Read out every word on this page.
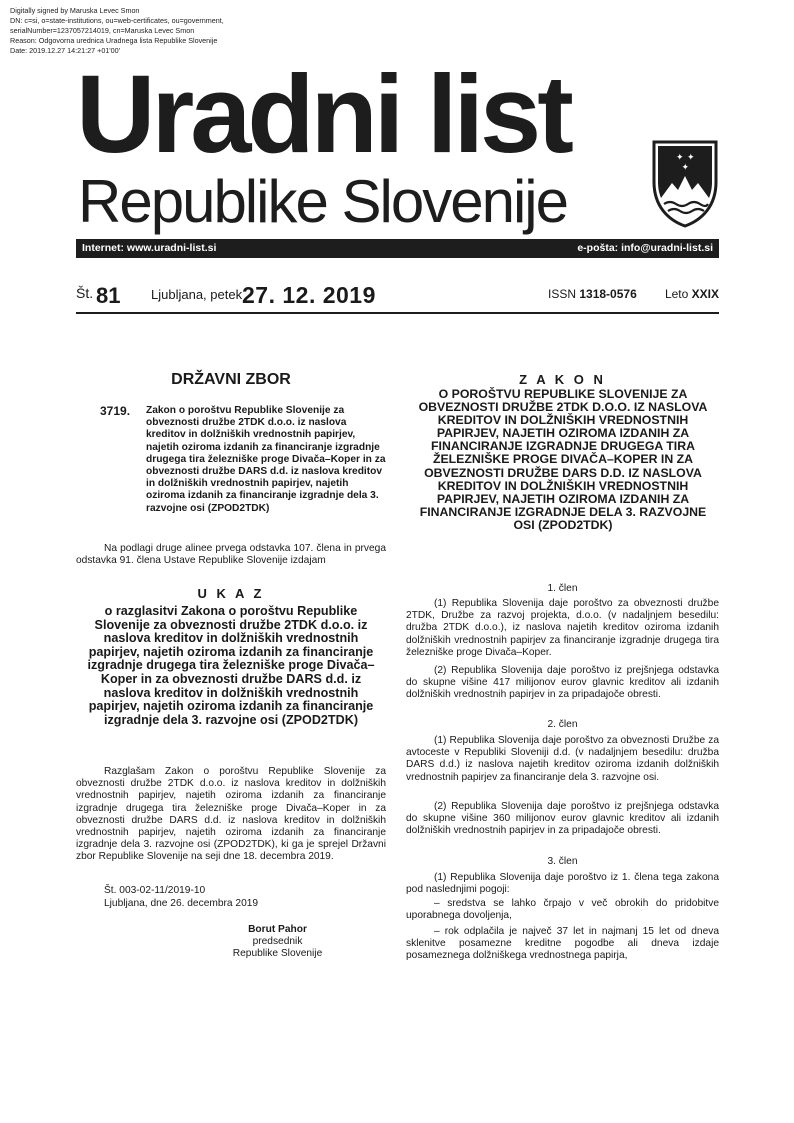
Digitally signed by Maruska Levec Smon
DN: c=si, o=state-institutions, ou=web-certificates, ou=government,
serialNumber=1237057214019, cn=Maruska Levec Smon
Reason: Odgovorna urednica Uradnega lista Republike Slovenije
Date: 2019.12.27 14:21:27 +01'00'
Uradni list
Republike Slovenije
✦ ✦
✦
Internet: www.uradni-list.si	e-pošta: info@uradni-list.si
Št. 81 Ljubljana, petek 27. 12. 2019	ISSN 1318-0576 Leto XXIX
DRŽAVNI ZBOR
3719. Zakon o poroštvu Republike Slovenije za obveznosti družbe 2TDK d.o.o. iz naslova kreditov in dolžniških vrednostnih papirjev, najetih oziroma izdanih za financiranje izgradnje drugega tira železniške proge Divača–Koper in za obveznosti družbe DARS d.d. iz naslova kreditov in dolžniških vrednostnih papirjev, najetih oziroma izdanih za financiranje izgradnje dela 3. razvojne osi (ZPOD2TDK)
Na podlagi druge alinee prvega odstavka 107. člena in prvega odstavka 91. člena Ustave Republike Slovenije izdajam
U K A Z
o razglasitvi Zakona o poroštvu Republike Slovenije za obveznosti družbe 2TDK d.o.o. iz naslova kreditov in dolžniških vrednostnih papirjev, najetih oziroma izdanih za financiranje izgradnje drugega tira železniške proge Divača–Koper in za obveznosti družbe DARS d.d. iz naslova kreditov in dolžniških vrednostnih papirjev, najetih oziroma izdanih za financiranje izgradnje dela 3. razvojne osi (ZPOD2TDK)
Razglašam Zakon o poroštvu Republike Slovenije za obveznosti družbe 2TDK d.o.o. iz naslova kreditov in dolžniških vrednostnih papirjev, najetih oziroma izdanih za financiranje izgradnje drugega tira železniške proge Divača–Koper in za obveznosti družbe DARS d.d. iz naslova kreditov in dolžniških vrednostnih papirjev, najetih oziroma izdanih za financiranje izgradnje dela 3. razvojne osi (ZPOD2TDK), ki ga je sprejel Državni zbor Republike Slovenije na seji dne 18. decembra 2019.
Št. 003-02-11/2019-10
Ljubljana, dne 26. decembra 2019
Borut Pahor
predsednik
Republike Slovenije
Z A K O N
O POROŠTVU REPUBLIKE SLOVENIJE ZA OBVEZNOSTI DRUŽBE 2TDK D.O.O. IZ NASLOVA KREDITOV IN DOLŽNIŠKIH VREDNOSTNIH PAPIRJEV, NAJETIH OZIROMA IZDANIH ZA FINANCIRANJE IZGRADNJE DRUGEGA TIRA ŽELEZNIŠKE PROGE DIVAČA–KOPER IN ZA OBVEZNOSTI DRUŽBE DARS D.D. IZ NASLOVA KREDITOV IN DOLŽNIŠKIH VREDNOSTNIH PAPIRJEV, NAJETIH OZIROMA IZDANIH ZA FINANCIRANJE IZGRADNJE DELA 3. RAZVOJNE OSI (ZPOD2TDK)
1. člen
(1) Republika Slovenija daje poroštvo za obveznosti družbe 2TDK, Družbe za razvoj projekta, d.o.o. (v nadaljnjem besedilu: družba 2TDK d.o.o.), iz naslova najetih kreditov oziroma izdanih dolžniških vrednostnih papirjev za financiranje izgradnje drugega tira železniške proge Divača–Koper.
(2) Republika Slovenija daje poroštvo iz prejšnjega odstavka do skupne višine 417 milijonov eurov glavnic kreditov ali izdanih dolžniških vrednostnih papirjev in za pripadajoče obresti.
2. člen
(1) Republika Slovenija daje poroštvo za obveznosti Družbe za avtoceste v Republiki Sloveniji d.d. (v nadaljnjem besedilu: družba DARS d.d.) iz naslova najetih kreditov oziroma izdanih dolžniških vrednostnih papirjev za financiranje dela 3. razvojne osi.
(2) Republika Slovenija daje poroštvo iz prejšnjega odstavka do skupne višine 360 milijonov eurov glavnic kreditov ali izdanih dolžniških vrednostnih papirjev in za pripadajoče obresti.
3. člen
(1) Republika Slovenija daje poroštvo iz 1. člena tega zakona pod naslednjimi pogoji:
– sredstva se lahko črpajo v več obrokih do pridobitve uporabnega dovoljenja,
– rok odplačila je največ 37 let in najmanj 15 let od dneva sklenitve posamezne kreditne pogodbe ali dneva izdaje posameznega dolžniškega vrednostnega papirja,
